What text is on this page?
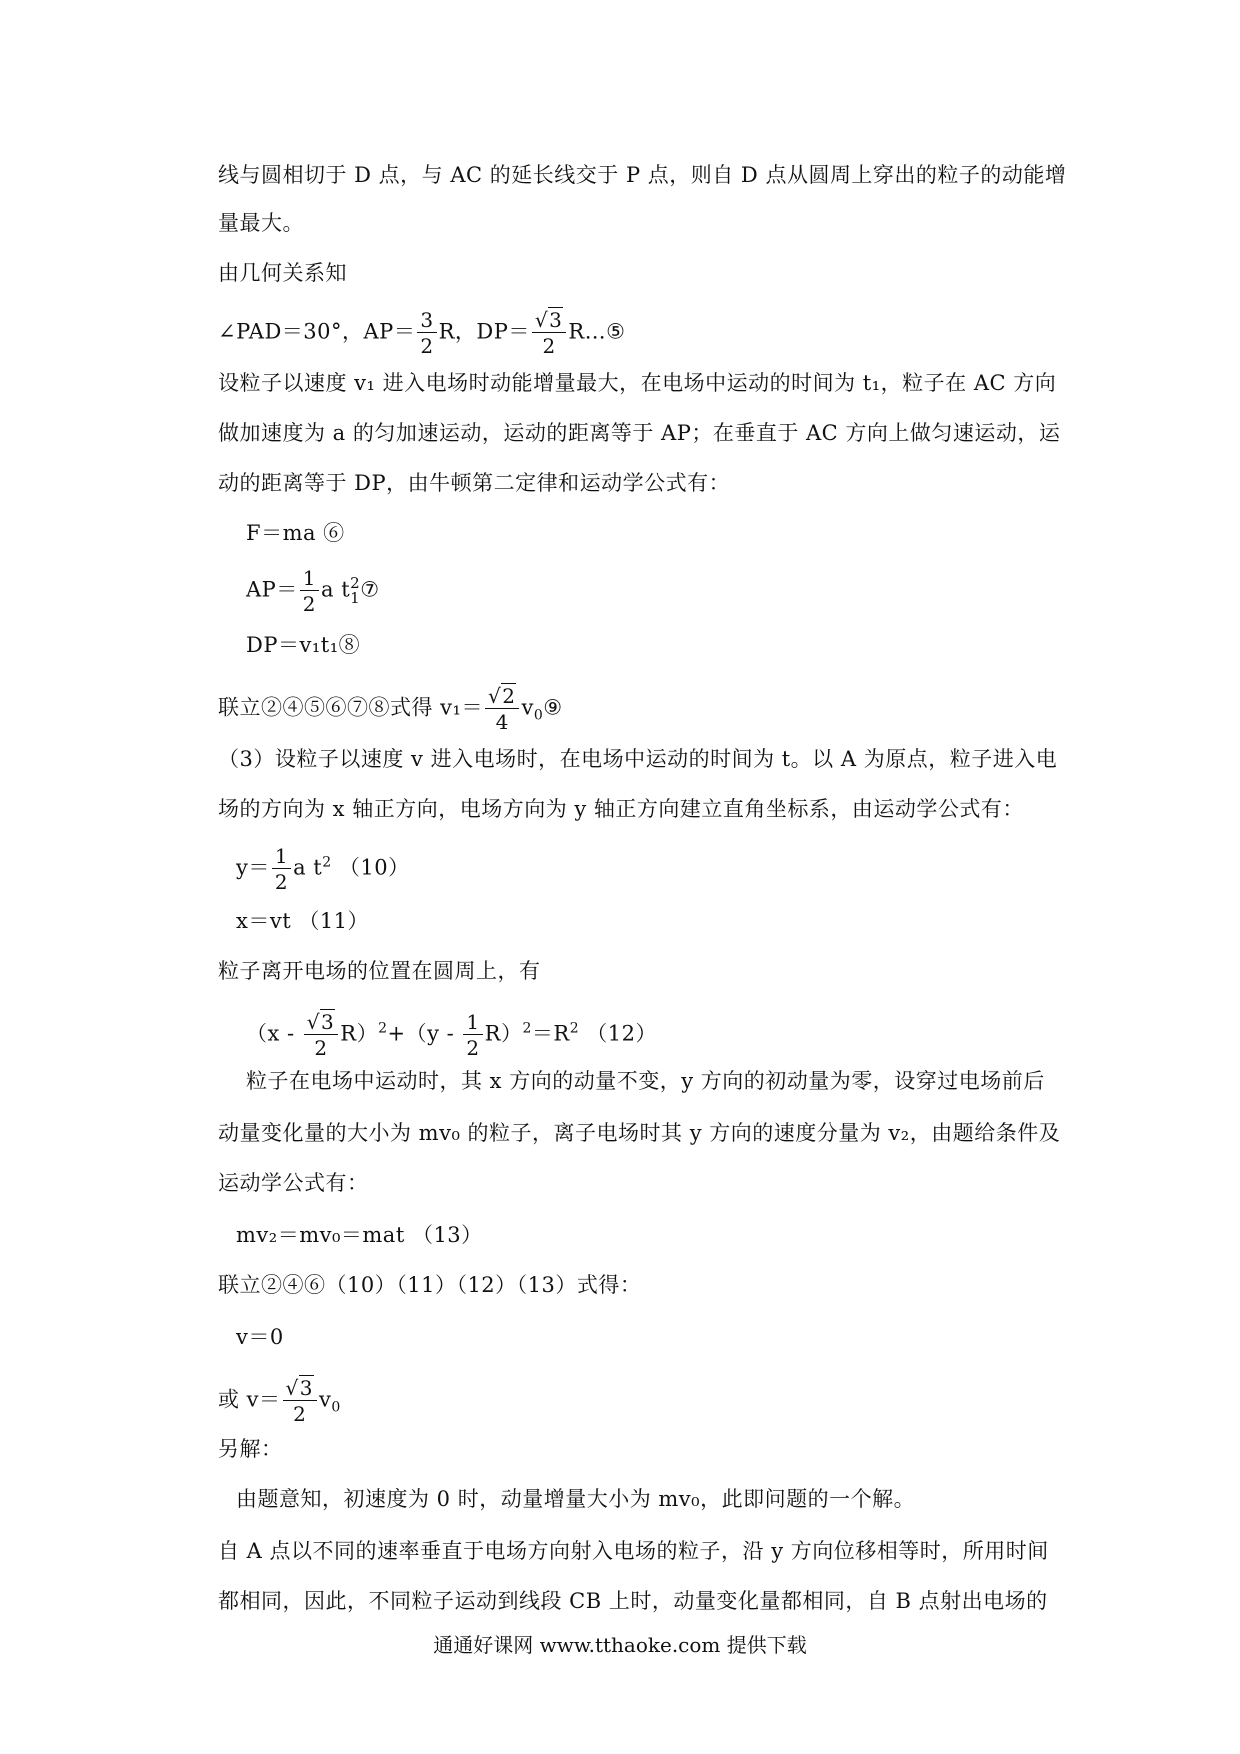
线与圆相切于 D 点，与 AC 的延长线交于 P 点，则自 D 点从圆周上穿出的粒子的动能增
量最大。
由几何关系知
∠PAD＝30°，$AP= \frac{3}{2}$ R，$DP= \frac{√3}{2}$ R…⑤
设粒子以速度 v₁ 进入电场时动能增量最大，在电场中运动的时间为 t₁，粒子在 AC 方向
做加速度为 a 的匀加速运动，运动的距离等于 AP；在垂直于 AC 方向上做匀速运动，运
动的距离等于 DP，由牛顿第二定律和运动学公式有：
F＝ma ⑥
$AP= \frac{1}{2}$ a t 2
1 ⑦
DP＝v₁t₁⑧
联立②④⑤⑥⑦⑧式得 $v_1= \frac{√2}{4}$ $v_0⑨$
（3）设粒子以速度 v 进入电场时，在电场中运动的时间为 t。以 A 为原点，粒子进入电
场的方向为 x 轴正方向，电场方向为 y 轴正方向建立直角坐标系，由运动学公式有：
$y= \frac{1}{2}$ a $t^2$ （10）
x＝vt （11）
粒子离开电场的位置在圆周上，有
$(x - \frac{√3}{2} R)^2+(y - \frac{1}{2} R)^2=R^2$ （12）
粒子在电场中运动时，其 x 方向的动量不变，y 方向的初动量为零，设穿过电场前后
动量变化量的大小为 mv₀ 的粒子，离子电场时其 y 方向的速度分量为 v₂，由题给条件及
运动学公式有：
mv₂＝mv₀＝mat （13）
联立②④⑥（10）（11）（12）（13）式得：
v＝0
或 $v= \frac{√3}{2} v_0$
另解：
由题意知，初速度为 0 时，动量增量大小为 mv₀，此即问题的一个解。
自 A 点以不同的速率垂直于电场方向射入电场的粒子，沿 y 方向位移相等时，所用时间
都相同，因此，不同粒子运动到线段 CB 上时，动量变化量都相同，自 B 点射出电场的
通通好课网 www.tthaoke.com 提供下载
